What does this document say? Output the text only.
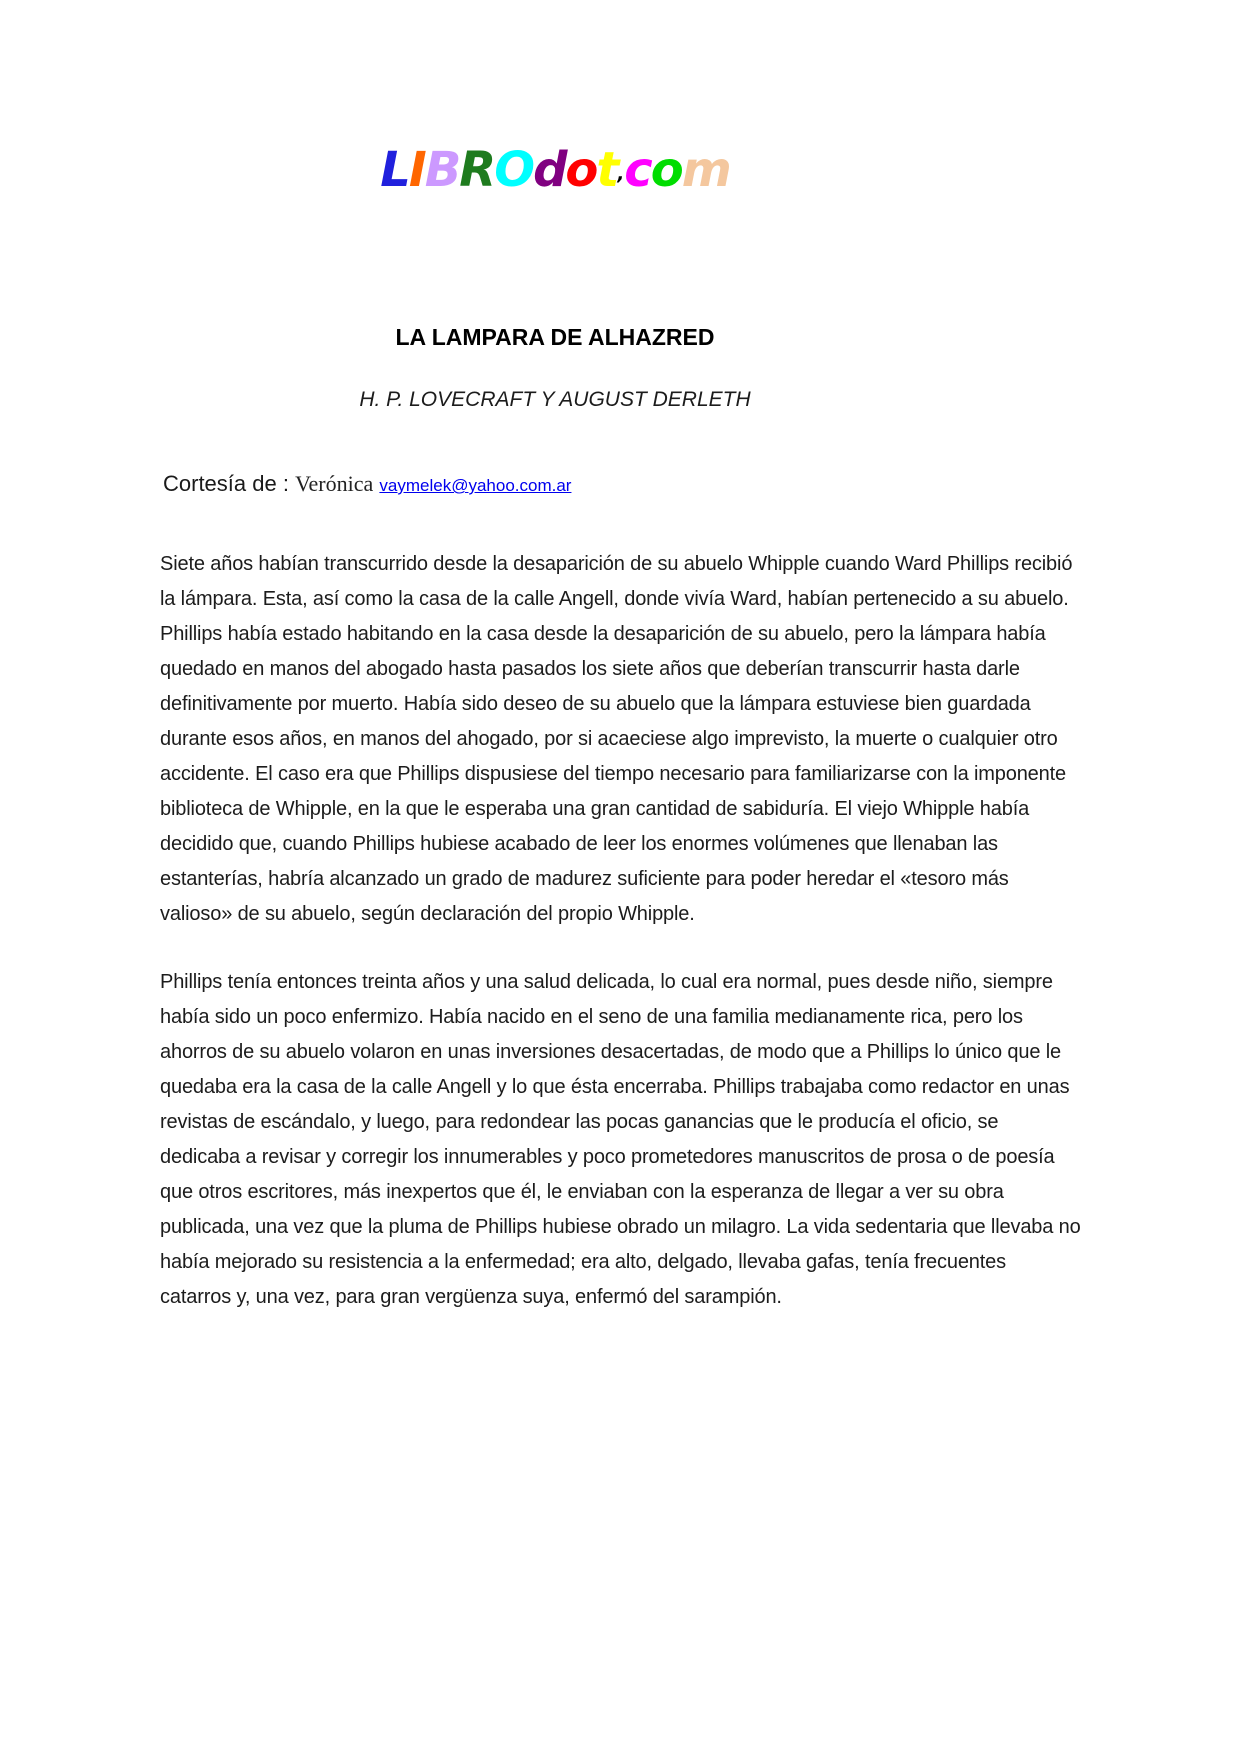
LIBROdot,com
LA LAMPARA DE ALHAZRED
H. P. LOVECRAFT Y AUGUST DERLETH

Cortesía de : Verónica vaymelek@yahoo.com.ar

Siete años habían transcurrido desde la desaparición de su abuelo Whipple cuando Ward Phillips recibió la lámpara. Esta, así como la casa de la calle Angell, donde vivía Ward, habían pertenecido a su abuelo. Phillips había estado habitando en la casa desde la desaparición de su abuelo, pero la lámpara había quedado en manos del abogado hasta pasados los siete años que deberían transcurrir hasta darle definitivamente por muerto. Había sido deseo de su abuelo que la lámpara estuviese bien guardada durante esos años, en manos del ahogado, por si acaeciese algo imprevisto, la muerte o cualquier otro accidente. El caso era que Phillips dispusiese del tiempo necesario para familiarizarse con la imponente biblioteca de Whipple, en la que le esperaba una gran cantidad de sabiduría. El viejo Whipple había decidido que, cuando Phillips hubiese acabado de leer los enormes volúmenes que llenaban las estanterías, habría alcanzado un grado de madurez suficiente para poder heredar el «tesoro más valioso» de su abuelo, según declaración del propio Whipple.

Phillips tenía entonces treinta años y una salud delicada, lo cual era normal, pues desde niño, siempre había sido un poco enfermizo. Había nacido en el seno de una familia medianamente rica, pero los ahorros de su abuelo volaron en unas inversiones desacertadas, de modo que a Phillips lo único que le quedaba era la casa de la calle Angell y lo que ésta encerraba. Phillips trabajaba como redactor en unas revistas de escándalo, y luego, para redondear las pocas ganancias que le producía el oficio, se dedicaba a revisar y corregir los innumerables y poco prometedores manuscritos de prosa o de poesía que otros escritores, más inexpertos que él, le enviaban con la esperanza de llegar a ver su obra publicada, una vez que la pluma de Phillips hubiese obrado un milagro. La vida sedentaria que llevaba no había mejorado su resistencia a la enfermedad; era alto, delgado, llevaba gafas, tenía frecuentes catarros y, una vez, para gran vergüenza suya, enfermó del sarampión.
